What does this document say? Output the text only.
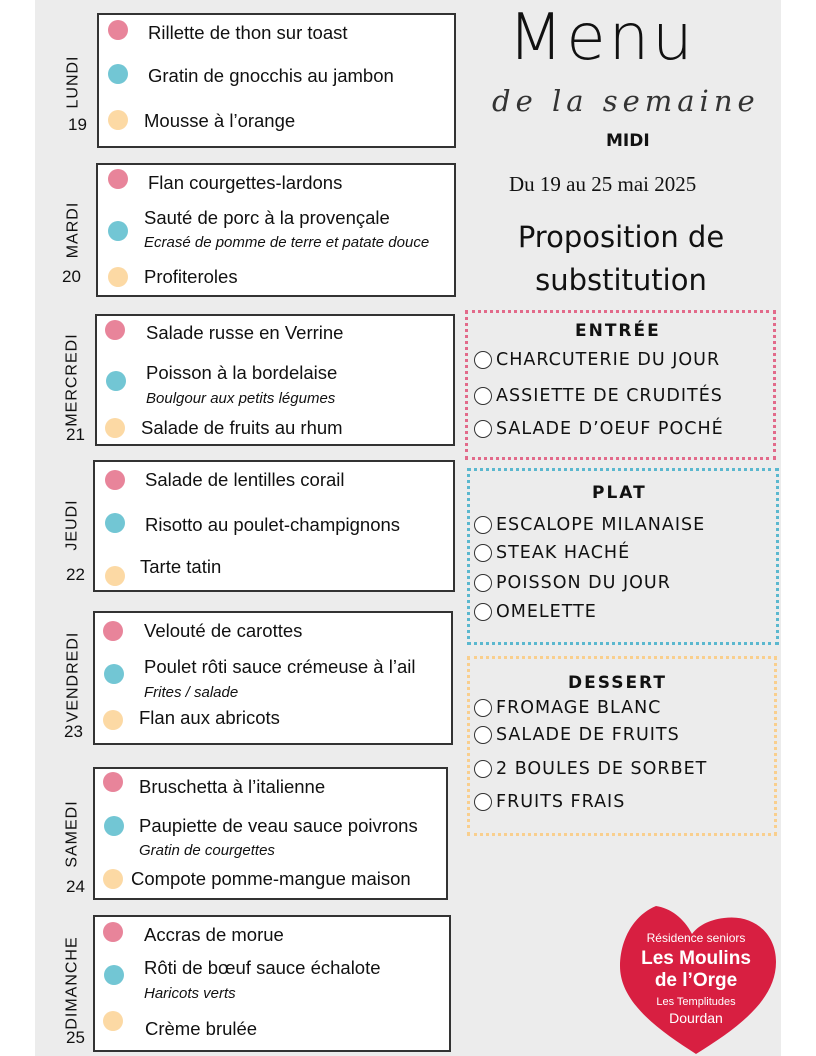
Menu
de la semaine
MIDI
Du 19 au 25 mai 2025
Proposition de substitution
LUNDI
19
Rillette de thon sur toast
Gratin de gnocchis au jambon
Mousse à l’orange
MARDI
20
Flan courgettes-lardons
Sauté de porc à la provençale
Ecrasé de pomme de terre et patate douce
Profiteroles
MERCREDI
21
Salade russe en Verrine
Poisson à la bordelaise
Boulgour aux petits légumes
Salade de fruits au rhum
JEUDI
22
Salade de lentilles corail
Risotto au poulet-champignons
Tarte tatin
VENDREDI
23
Velouté de carottes
Poulet rôti sauce crémeuse à l’ail
Frites / salade
Flan aux abricots
SAMEDI
24
Bruschetta à l’italienne
Paupiette de veau sauce poivrons
Gratin de courgettes
Compote pomme-mangue maison
DIMANCHE
25
Accras de morue
Rôti de bœuf sauce échalote
Haricots verts
Crème brulée
ENTRÉE
CHARCUTERIE DU JOUR
ASSIETTE DE CRUDITÉS
SALADE D’OEUF POCHÉ
PLAT
ESCALOPE MILANAISE
STEAK HACHÉ
POISSON DU JOUR
OMELETTE
DESSERT
FROMAGE BLANC
SALADE DE FRUITS
2 BOULES DE SORBET
FRUITS FRAIS
Résidence seniors
Les Moulins
de l’Orge
Les Templitudes
Dourdan
